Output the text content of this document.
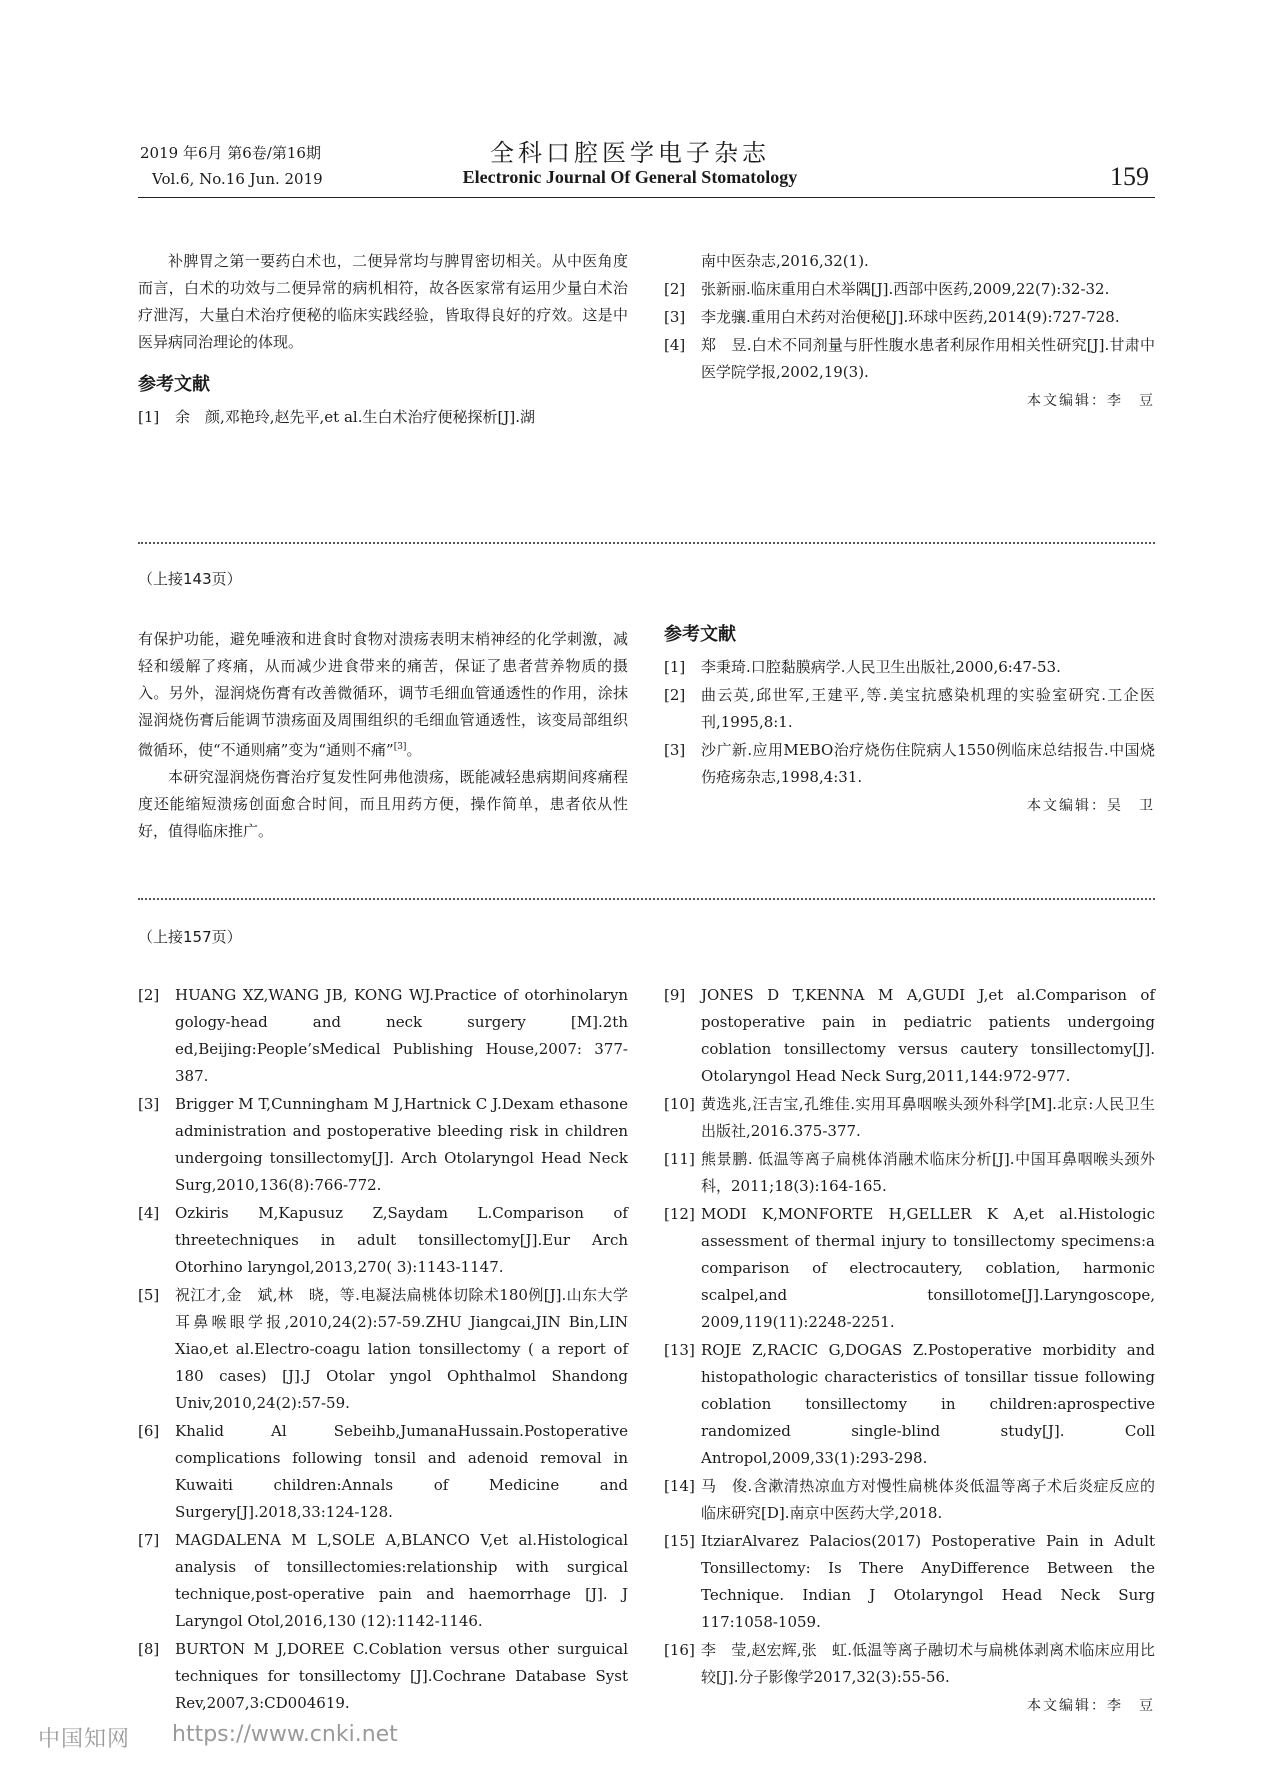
2019 年6月 第6卷/第16期
Vol.6, No.16 Jun. 2019
全科口腔医学电子杂志
Electronic Journal Of General Stomatology	159

补脾胃之第一要药白术也，二便异常均与脾胃密切相关。从中医角度而言，白术的功效与二便异常的病机相符，故各医家常有运用少量白术治疗泄泻，大量白术治疗便秘的临床实践经验，皆取得良好的疗效。这是中医异病同治理论的体现。

参考文献

[1]	余　颜,邓艳玲,赵先平,et al.生白术治疗便秘探析[J].湖
南中医杂志,2016,32(1).
[2]	张新丽.临床重用白术举隅[J].西部中医药,2009,22(7):32-32.
[3]	李龙骧.重用白术药对治便秘[J].环球中医药,2014(9):727-728.
[4]	郑　昱.白术不同剂量与肝性腹水患者利尿作用相关性研究[J].甘肃中医学院学报,2002,19(3).
本文编辑：李　豆
（上接143页）

有保护功能，避免唾液和进食时食物对溃疡表明末梢神经的化学刺激，减轻和缓解了疼痛，从而减少进食带来的痛苦，保证了患者营养物质的摄入。另外，湿润烧伤膏有改善微循环，调节毛细血管通透性的作用，涂抹湿润烧伤膏后能调节溃疡面及周围组织的毛细血管通透性，该变局部组织微循环，使“不通则痛”变为“通则不痛”[3]。

本研究湿润烧伤膏治疗复发性阿弗他溃疡，既能减轻患病期间疼痛程度还能缩短溃疡创面愈合时间，而且用药方便，操作简单，患者依从性好，值得临床推广。

参考文献

[1]	李秉琦.口腔黏膜病学.人民卫生出版社,2000,6:47-53.
[2]	曲云英,邱世军,王建平,等.美宝抗感染机理的实验室研究.工企医刊,1995,8:1.
[3]	沙广新.应用MEBO治疗烧伤住院病人1550例临床总结报告.中国烧伤疮疡杂志,1998,4:31.
本文编辑：吴　卫
（上接157页）
[2]	HUANG XZ,WANG JB, KONG WJ.Practice of otorhinolaryn gology-head and neck surgery [M].2th ed,Beijing:People’sMedical Publishing House,2007: 377- 387.
[3]	Brigger M T,Cunningham M J,Hartnick C J.Dexam ethasone administration and postoperative bleeding risk in children undergoing tonsillectomy[J]. Arch Otolaryngol Head Neck Surg,2010,136(8):766-772.
[4]	Ozkiris M,Kapusuz Z,Saydam L.Comparison of threetechniques in adult tonsillectomy[J].Eur Arch Otorhino laryngol,2013,270( 3):1143-1147.
[5]	祝江才,金　斌,林　晓，等.电凝法扁桃体切除术180例[J].山东大学耳鼻喉眼学报,2010,24(2):57-59.ZHU Jiangcai,JIN Bin,LIN Xiao,et al.Electro-coagu lation tonsillectomy ( a report of 180 cases) [J].J Otolar yngol Ophthalmol Shandong Univ,2010,24(2):57-59.
[6]	Khalid Al Sebeihb,JumanaHussain.Postoperative complications following tonsil and adenoid removal in Kuwaiti children:Annals of Medicine and Surgery[J].2018,33:124-128.
[7]	MAGDALENA M L,SOLE A,BLANCO V,et al.Histological analysis of tonsillectomies:relationship with surgical technique,post-operative pain and haemorrhage [J]. J Laryngol Otol,2016,130 (12):1142-1146.
[8]	BURTON M J,DOREE C.Coblation versus other surguical techniques for tonsillectomy [J].Cochrane Database Syst Rev,2007,3:CD004619.
[9]	JONES D T,KENNA M A,GUDI J,et al.Comparison of postoperative pain in pediatric patients undergoing coblation tonsillectomy versus cautery tonsillectomy[J]. Otolaryngol Head Neck Surg,2011,144:972-977.
[10] 黄选兆,汪吉宝,孔维佳.实用耳鼻咽喉头颈外科学[M].北京:人民卫生出版社,2016.375-377.
[11] 熊景鹏. 低温等离子扁桃体消融术临床分析[J].中国耳鼻咽喉头颈外科，2011;18(3):164-165.
[12] MODI K,MONFORTE H,GELLER K A,et al.Histologic assessment of thermal injury to tonsillectomy specimens:a comparison of electrocautery, coblation, harmonic scalpel,and tonsillotome[J].Laryngoscope, 2009,119(11):2248-2251.
[13] ROJE Z,RACIC G,DOGAS Z.Postoperative morbidity and histopathologic characteristics of tonsillar tissue following coblation tonsillectomy in children:aprospective randomized single-blind study[J]. Coll Antropol,2009,33(1):293-298.
[14] 马　俊.含漱清热凉血方对慢性扁桃体炎低温等离子术后炎症反应的临床研究[D].南京中医药大学,2018.
[15] ItziarAlvarez Palacios(2017) Postoperative Pain in Adult Tonsillectomy: Is There AnyDifference Between the Technique. Indian J Otolaryngol Head Neck Surg 117:1058-1059.
[16] 李　莹,赵宏辉,张　虹.低温等离子融切术与扁桃体剥离术临床应用比较[J].分子影像学2017,32(3):55-56.
本文编辑：李　豆
中国知网 https://www.cnki.net
